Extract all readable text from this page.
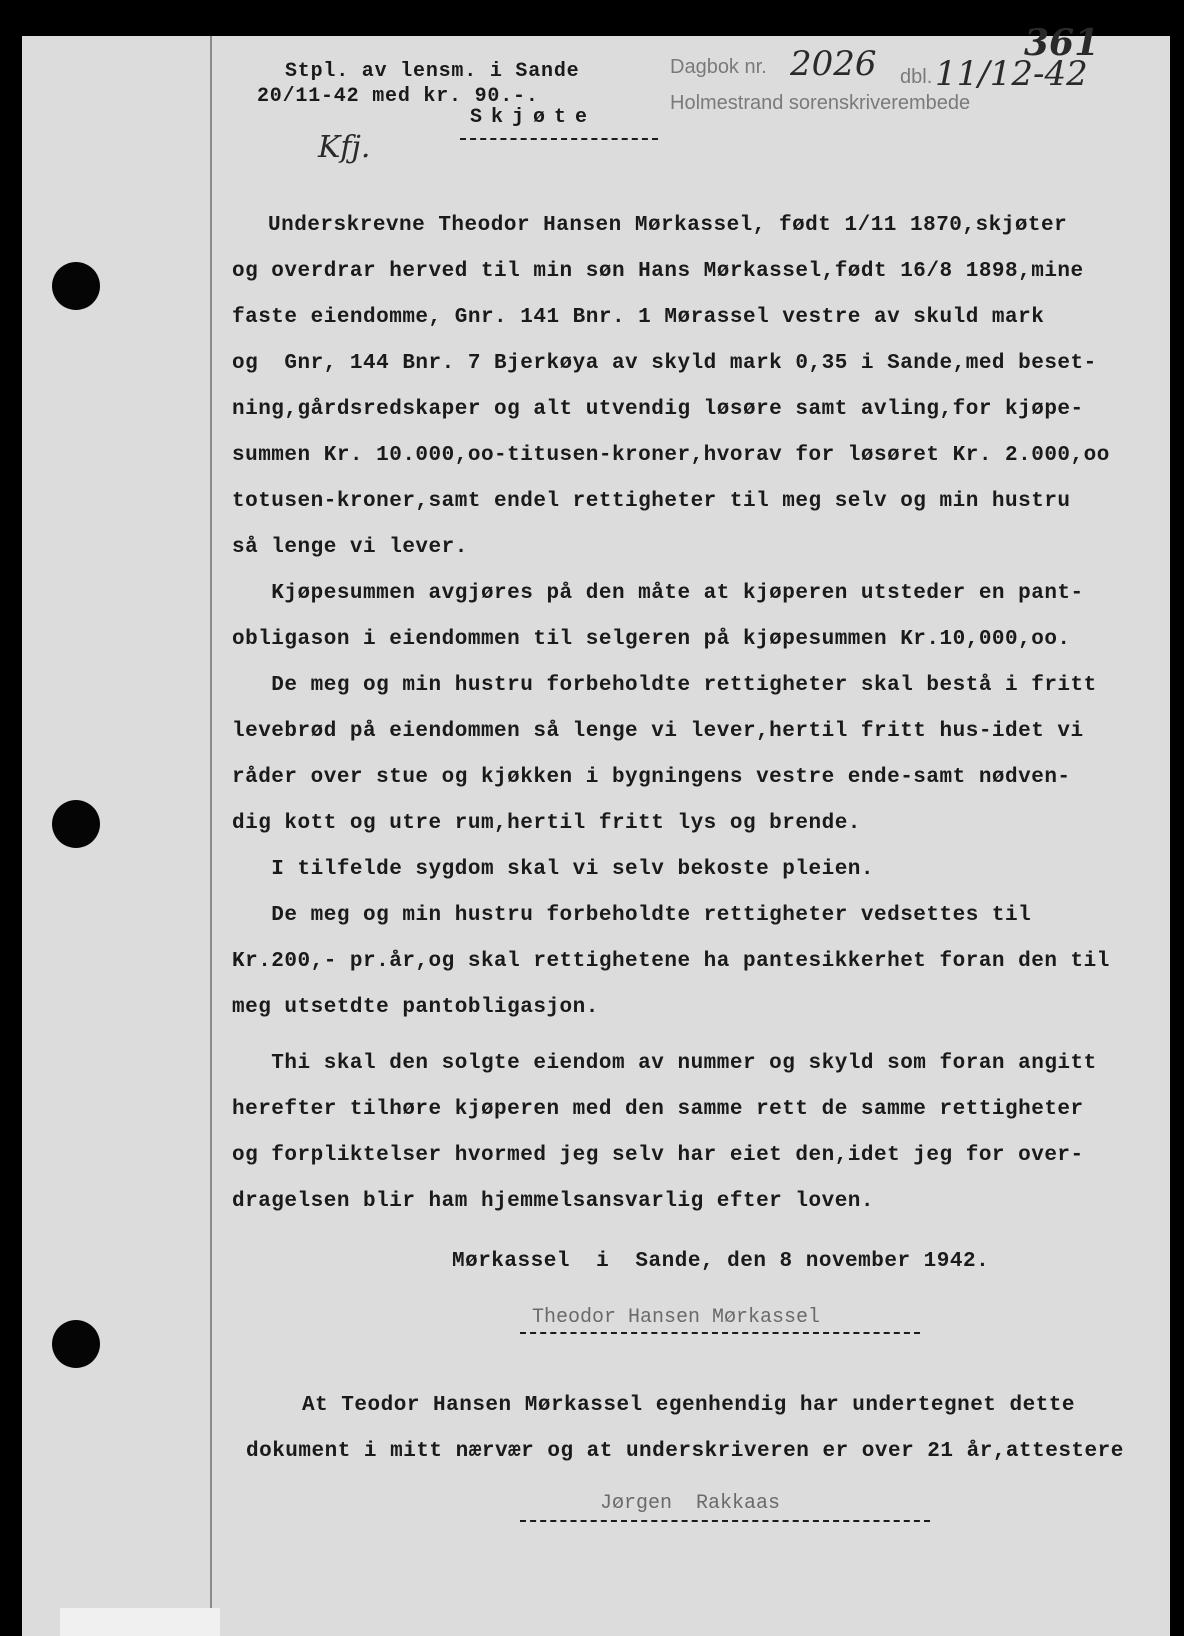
Stpl. av lensm. i Sande
20/11-42 med kr. 90.-.
Skjøte
Kfj.
Dagbok nr. 2026 dbl. 11/12-42
Holmestrand sorenskriverembede
361
Underskrevne Theodor Hansen Mørkassel, født 1/11 1870,skjøter
og overdrar herved til min søn Hans Mørkassel,født 16/8 1898,mine
faste eiendomme, Gnr. 141 Bnr. 1 Mørassel vestre av skuld mark
og  Gnr, 144 Bnr. 7 Bjerkøya av skyld mark 0,35 i Sande,med beset-
ning,gårdsredskaper og alt utvendig løsøre samt avling,for kjøpe-
summen Kr. 10.000,oo-titusen-kroner,hvorav for løsøret Kr. 2.000,oo
totusen-kroner,samt endel rettigheter til meg selv og min hustru
så lenge vi lever.
Kjøpesummen avgjøres på den måte at kjøperen utsteder en pant-
obligason i eiendommen til selgeren på kjøpesummen Kr.10,000,oo.
De meg og min hustru forbeholdte rettigheter skal bestå i fritt
levebrød på eiendommen så lenge vi lever,hertil fritt hus-idet vi
råder over stue og kjøkken i bygningens vestre ende-samt nødven-
dig kott og utre rum,hertil fritt lys og brende.
I tilfelde sygdom skal vi selv bekoste pleien.
De meg og min hustru forbeholdte rettigheter vedsettes til
Kr.200,- pr.år,og skal rettighetene ha pantesikkerhet foran den til
meg utsetdte pantobligasjon.
Thi skal den solgte eiendom av nummer og skyld som foran angitt
herefter tilhøre kjøperen med den samme rett de samme rettigheter
og forpliktelser hvormed jeg selv har eiet den,idet jeg for over-
dragelsen blir ham hjemmelsansvarlig efter loven.
Mørkassel  i  Sande, den 8 november 1942.
Theodor Hansen Mørkassel
At Teodor Hansen Mørkassel egenhendig har undertegnet dette
dokument i mitt nærvær og at underskriveren er over 21 år,attestere
Jørgen  Rakkaas
